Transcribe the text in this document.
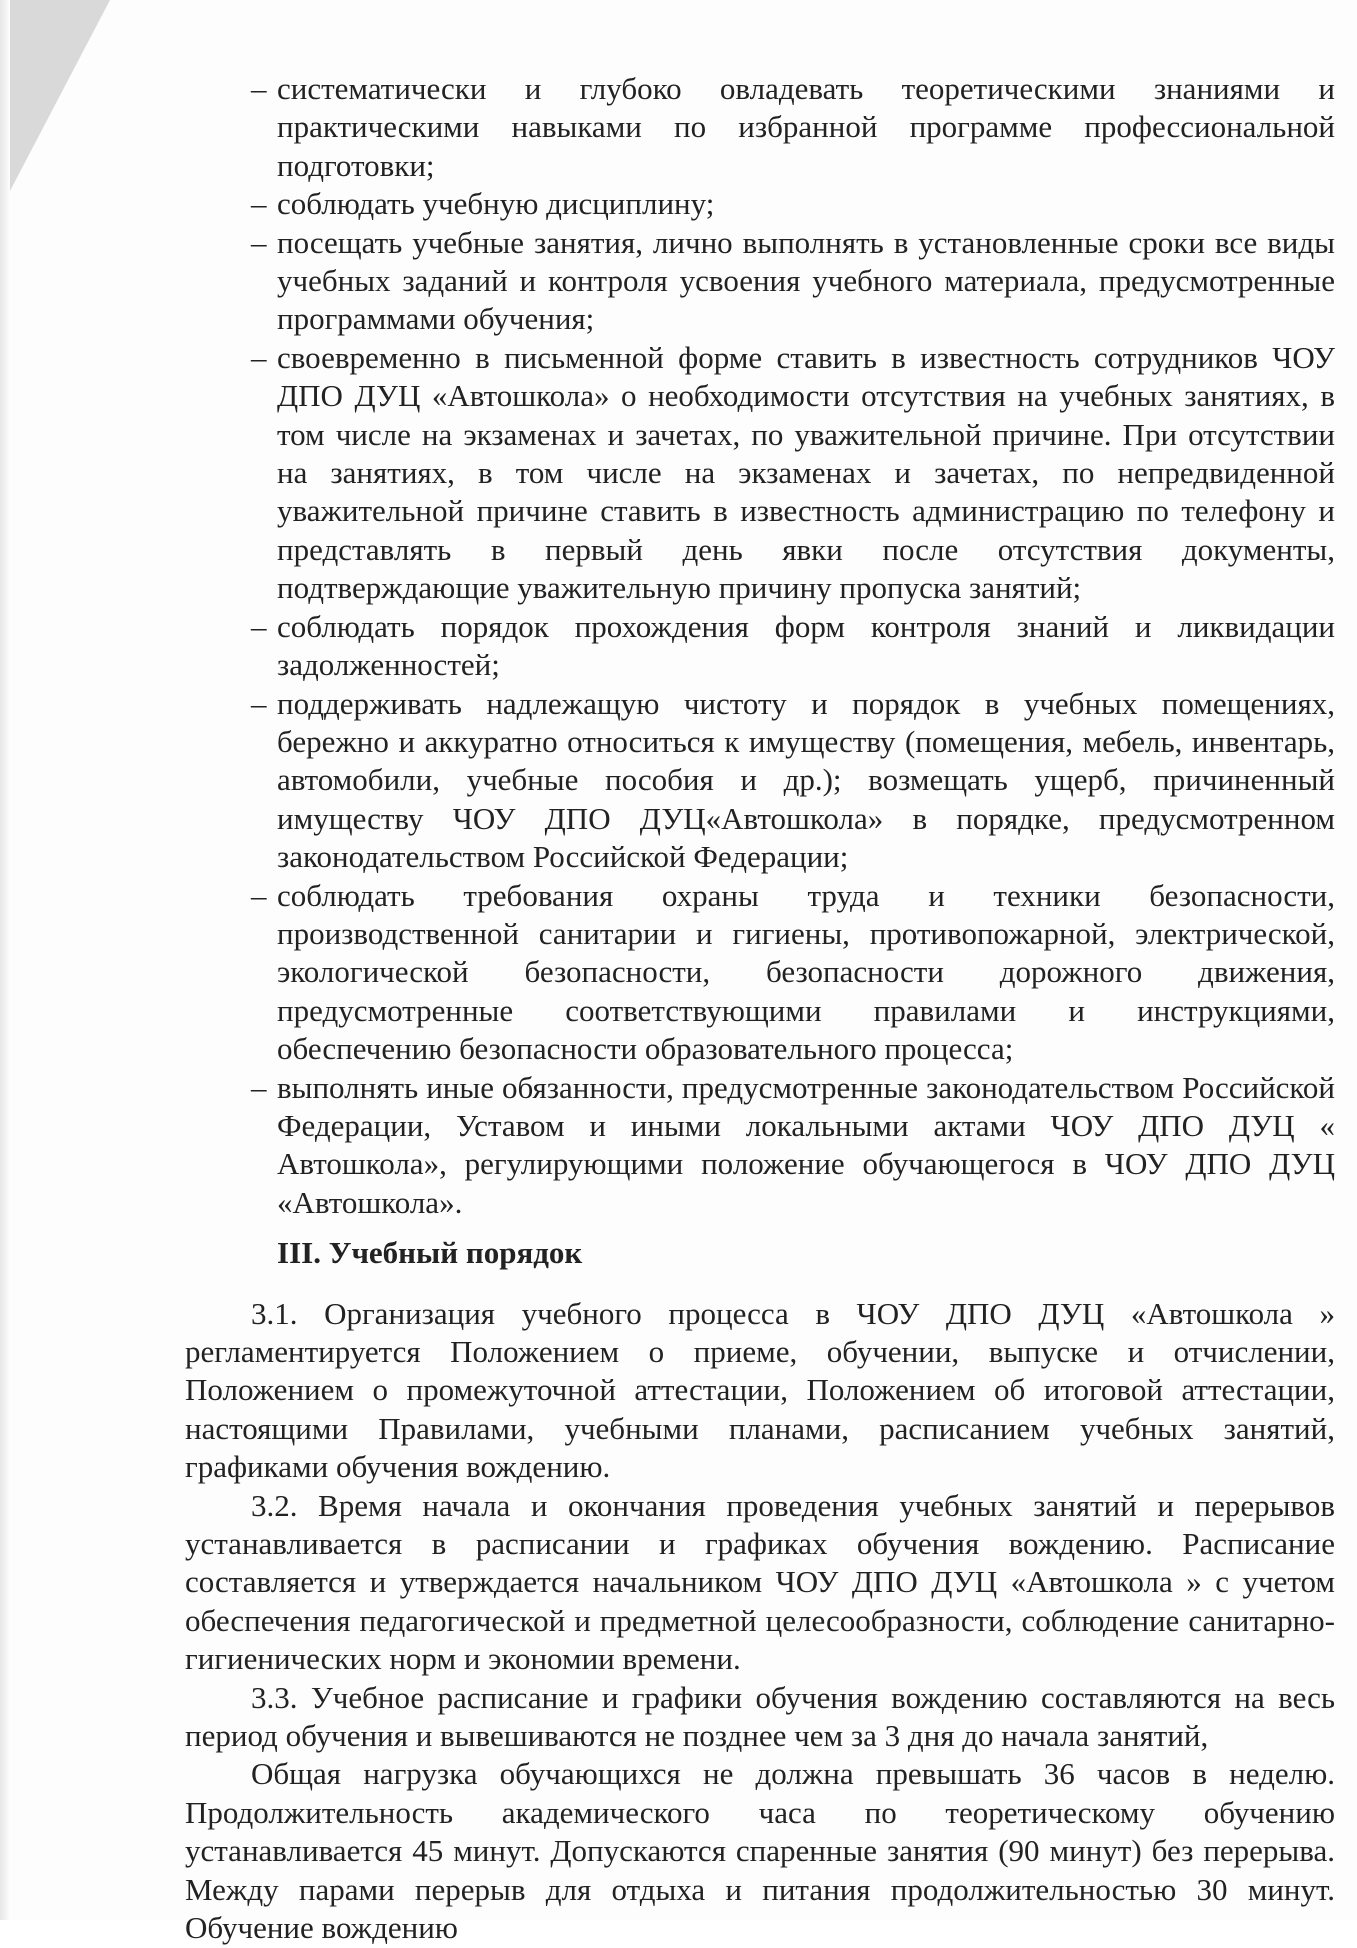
– систематически и глубоко овладевать теоретическими знаниями и практическими навыками по избранной программе профессиональной подготовки;
– соблюдать учебную дисциплину;
– посещать учебные занятия, лично выполнять в установленные сроки все виды учебных заданий и контроля усвоения учебного материала, предусмотренные программами обучения;
– своевременно в письменной форме ставить в известность сотрудников ЧОУ ДПО ДУЦ «Автошкола» о необходимости отсутствия на учебных занятиях, в том числе на экзаменах и зачетах, по уважительной причине. При отсутствии на занятиях, в том числе на экзаменах и зачетах, по непредвиденной уважительной причине ставить в известность администрацию по телефону и представлять в первый день явки после отсутствия документы, подтверждающие уважительную причину пропуска занятий;
– соблюдать порядок прохождения форм контроля знаний и ликвидации задолженностей;
– поддерживать надлежащую чистоту и порядок в учебных помещениях, бережно и аккуратно относиться к имуществу (помещения, мебель, инвентарь, автомобили, учебные пособия и др.); возмещать ущерб, причиненный имуществу ЧОУ ДПО ДУЦ«Автошкола» в порядке, предусмотренном законодательством Российской Федерации;
– соблюдать требования охраны труда и техники безопасности, производственной санитарии и гигиены, противопожарной, электрической, экологической безопасности, безопасности дорожного движения, предусмотренные соответствующими правилами и инструкциями, обеспечению безопасности образовательного процесса;
– выполнять иные обязанности, предусмотренные законодательством Российской Федерации, Уставом и иными локальными актами ЧОУ ДПО ДУЦ « Автошкола», регулирующими положение обучающегося в ЧОУ ДПО ДУЦ «Автошкола».
III. Учебный порядок

3.1. Организация учебного процесса в ЧОУ ДПО ДУЦ «Автошкола » регламентируется Положением о приеме, обучении, выпуске и отчислении, Положением о промежуточной аттестации, Положением об итоговой аттестации, настоящими Правилами, учебными планами, расписанием учебных занятий, графиками обучения вождению.

3.2. Время начала и окончания проведения учебных занятий и перерывов устанавливается в расписании и графиках обучения вождению. Расписание составляется и утверждается начальником ЧОУ ДПО ДУЦ «Автошкола » с учетом обеспечения педагогической и предметной целесообразности, соблюдение санитарно-гигиенических норм и экономии времени.

3.3. Учебное расписание и графики обучения вождению составляются на весь период обучения и вывешиваются не позднее чем за 3 дня до начала занятий,

Общая нагрузка обучающихся не должна превышать 36 часов в неделю. Продолжительность академического часа по теоретическому обучению устанавливается 45 минут. Допускаются спаренные занятия (90 минут) без перерыва. Между парами перерыв для отдыха и питания продолжительностью 30 минут. Обучение вождению
